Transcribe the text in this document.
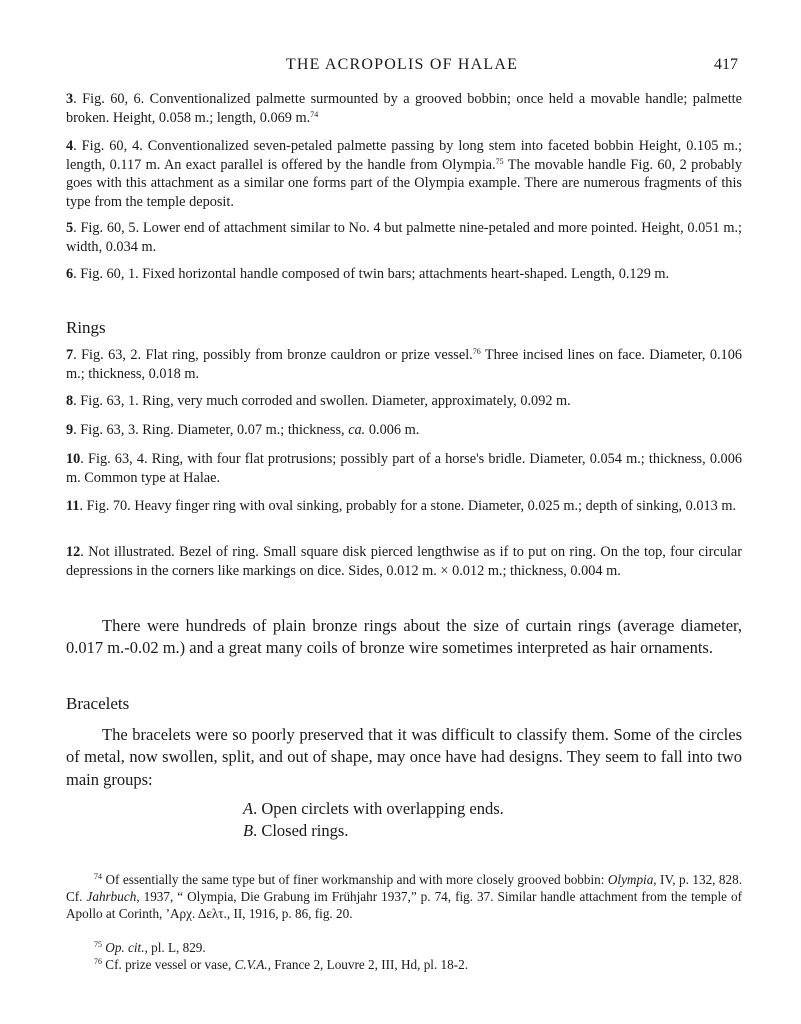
THE ACROPOLIS OF HALAE	417

3. Fig. 60, 6. Conventionalized palmette surmounted by a grooved bobbin; once held a movable handle; palmette broken. Height, 0.058 m.; length, 0.069 m.$^{74}$

4. Fig. 60, 4. Conventionalized seven-petaled palmette passing by long stem into faceted bobbin Height, 0.105 m.; length, 0.117 m. An exact parallel is offered by the handle from Olympia.$^{75}$ The movable handle Fig. 60, 2 probably goes with this attachment as a similar one forms part of the Olympia example. There are numerous fragments of this type from the temple deposit.

5. Fig. 60, 5. Lower end of attachment similar to No. 4 but palmette nine-petaled and more pointed. Height, 0.051 m.; width, 0.034 m.

6. Fig. 60, 1. Fixed horizontal handle composed of twin bars; attachments heart-shaped. Length, 0.129 m.

Rings

7. Fig. 63, 2. Flat ring, possibly from bronze cauldron or prize vessel.$^{76}$ Three incised lines on face. Diameter, 0.106 m.; thickness, 0.018 m.

8. Fig. 63, 1. Ring, very much corroded and swollen. Diameter, approximately, 0.092 m.

9. Fig. 63, 3. Ring. Diameter, 0.07 m.; thickness, ca. 0.006 m.

10. Fig. 63, 4. Ring, with four flat protrusions; possibly part of a horse's bridle. Diameter, 0.054 m.; thickness, 0.006 m. Common type at Halae.

11. Fig. 70. Heavy finger ring with oval sinking, probably for a stone. Diameter, 0.025 m.; depth of sinking, 0.013 m.

12. Not illustrated. Bezel of ring. Small square disk pierced lengthwise as if to put on ring. On the top, four circular depressions in the corners like markings on dice. Sides, 0.012 m. × 0.012 m.; thickness, 0.004 m.

There were hundreds of plain bronze rings about the size of curtain rings (average diameter, 0.017 m.-0.02 m.) and a great many coils of bronze wire sometimes interpreted as hair ornaments.

Bracelets

The bracelets were so poorly preserved that it was difficult to classify them. Some of the circles of metal, now swollen, split, and out of shape, may once have had designs. They seem to fall into two main groups:

A. Open circlets with overlapping ends.
B. Closed rings.

$^{74}$ Of essentially the same type but of finer workmanship and with more closely grooved bobbin: Olympia, IV, p. 132, 828. Cf. Jahrbuch, 1937, “ Olympia, Die Grabung im Frühjahr 1937,” p. 74, fig. 37. Similar handle attachment from the temple of Apollo at Corinth, ’Αρχ. Δελτ., II, 1916, p. 86, fig. 20.

$^{75}$ Op. cit., pl. L, 829.

$^{76}$ Cf. prize vessel or vase, C.V.A., France 2, Louvre 2, III, Hd, pl. 18-2.
